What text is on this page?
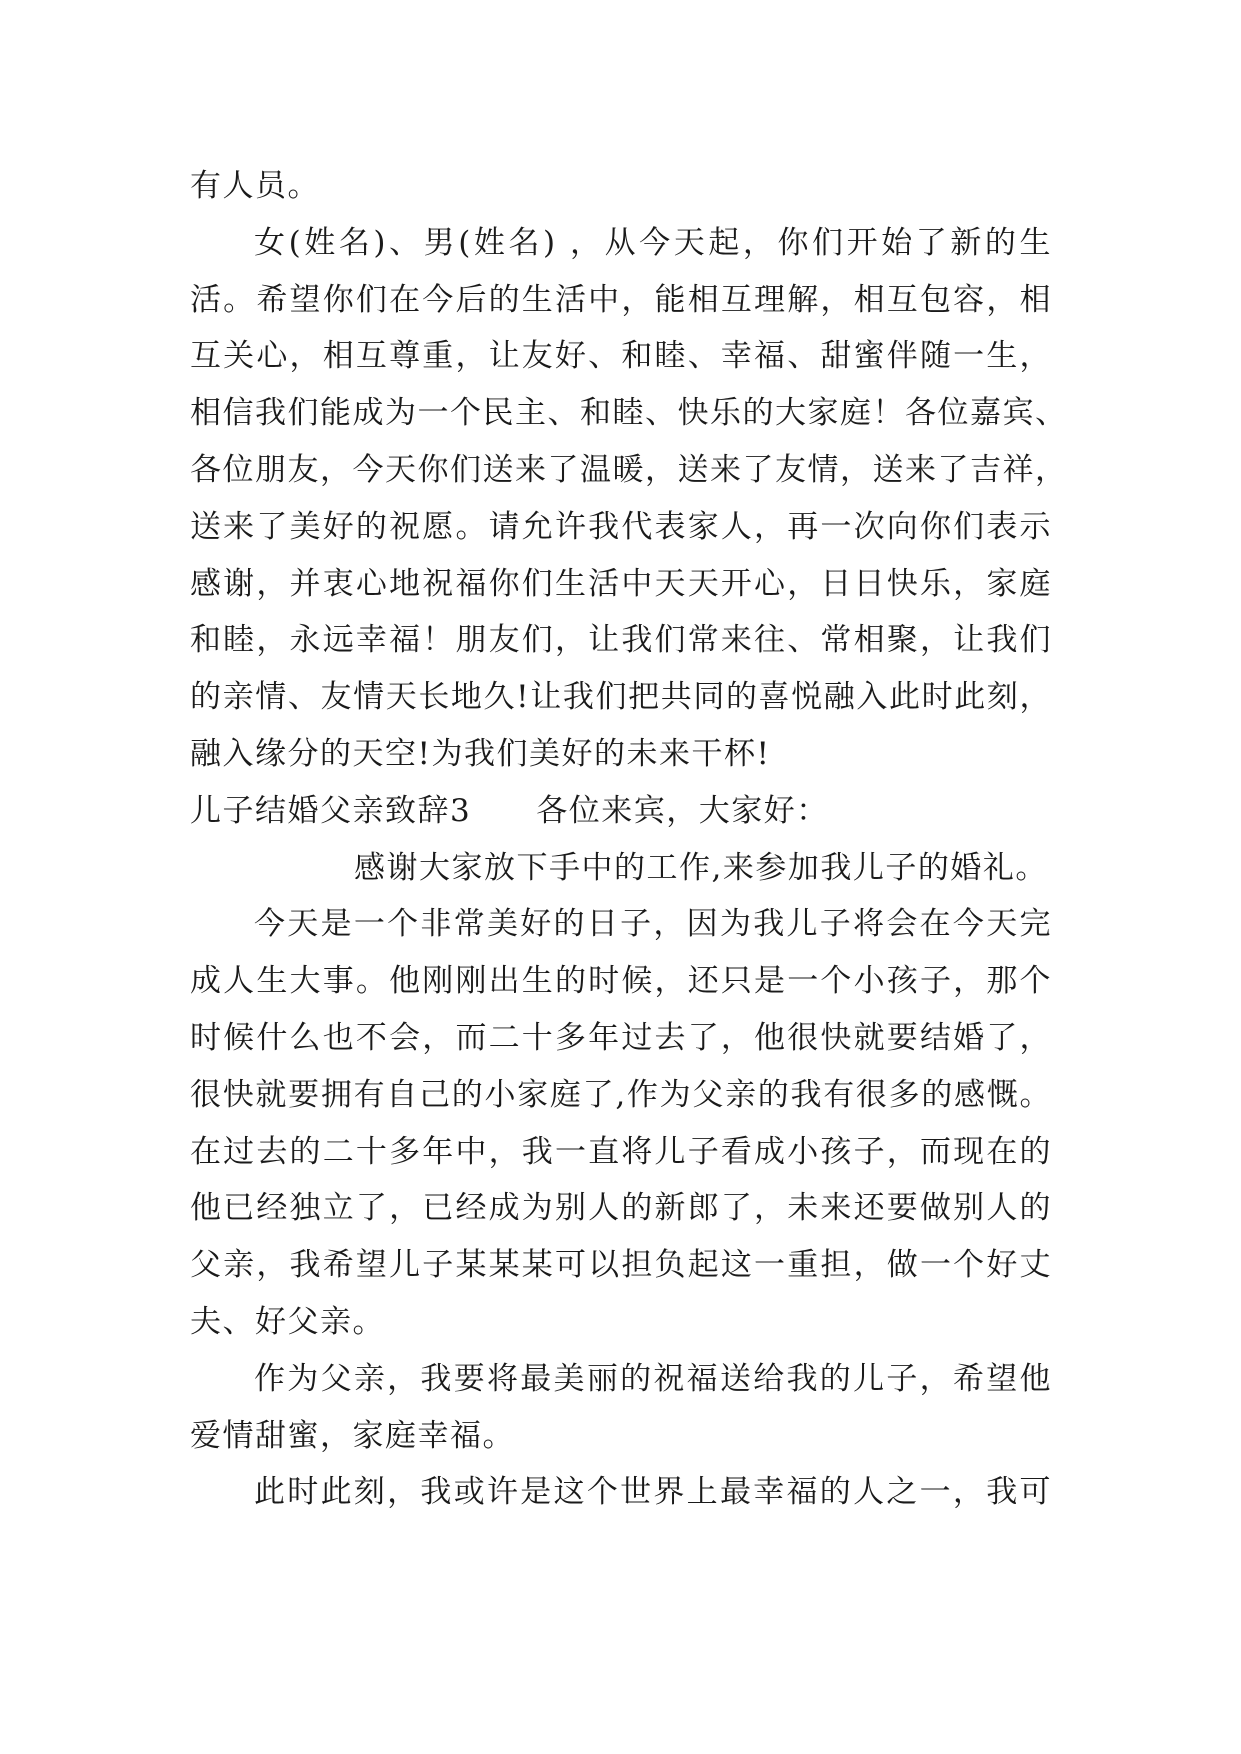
有人员。
女(姓名)、男(姓名) ，从今天起，你们开始了新的生
活。希望你们在今后的生活中，能相互理解，相互包容，相
互关心，相互尊重，让友好、和睦、幸福、甜蜜伴随一生，
相信我们能成为一个民主、和睦、快乐的大家庭！各位嘉宾、
各位朋友，今天你们送来了温暖，送来了友情，送来了吉祥，
送来了美好的祝愿。请允许我代表家人，再一次向你们表示
感谢，并衷心地祝福你们生活中天天开心，日日快乐，家庭
和睦，永远幸福！朋友们，让我们常来往、常相聚，让我们
的亲情、友情天长地久!让我们把共同的喜悦融入此时此刻，
融入缘分的天空!为我们美好的未来干杯!
儿子结婚父亲致辞3　　各位来宾，大家好：
感谢大家放下手中的工作,来参加我儿子的婚礼。
今天是一个非常美好的日子，因为我儿子将会在今天完
成人生大事。他刚刚出生的时候，还只是一个小孩子，那个
时候什么也不会，而二十多年过去了，他很快就要结婚了，
很快就要拥有自己的小家庭了,作为父亲的我有很多的感慨。
在过去的二十多年中，我一直将儿子看成小孩子，而现在的
他已经独立了，已经成为别人的新郎了，未来还要做别人的
父亲，我希望儿子某某某可以担负起这一重担，做一个好丈
夫、好父亲。
作为父亲，我要将最美丽的祝福送给我的儿子，希望他
爱情甜蜜，家庭幸福。
此时此刻，我或许是这个世界上最幸福的人之一，我可
